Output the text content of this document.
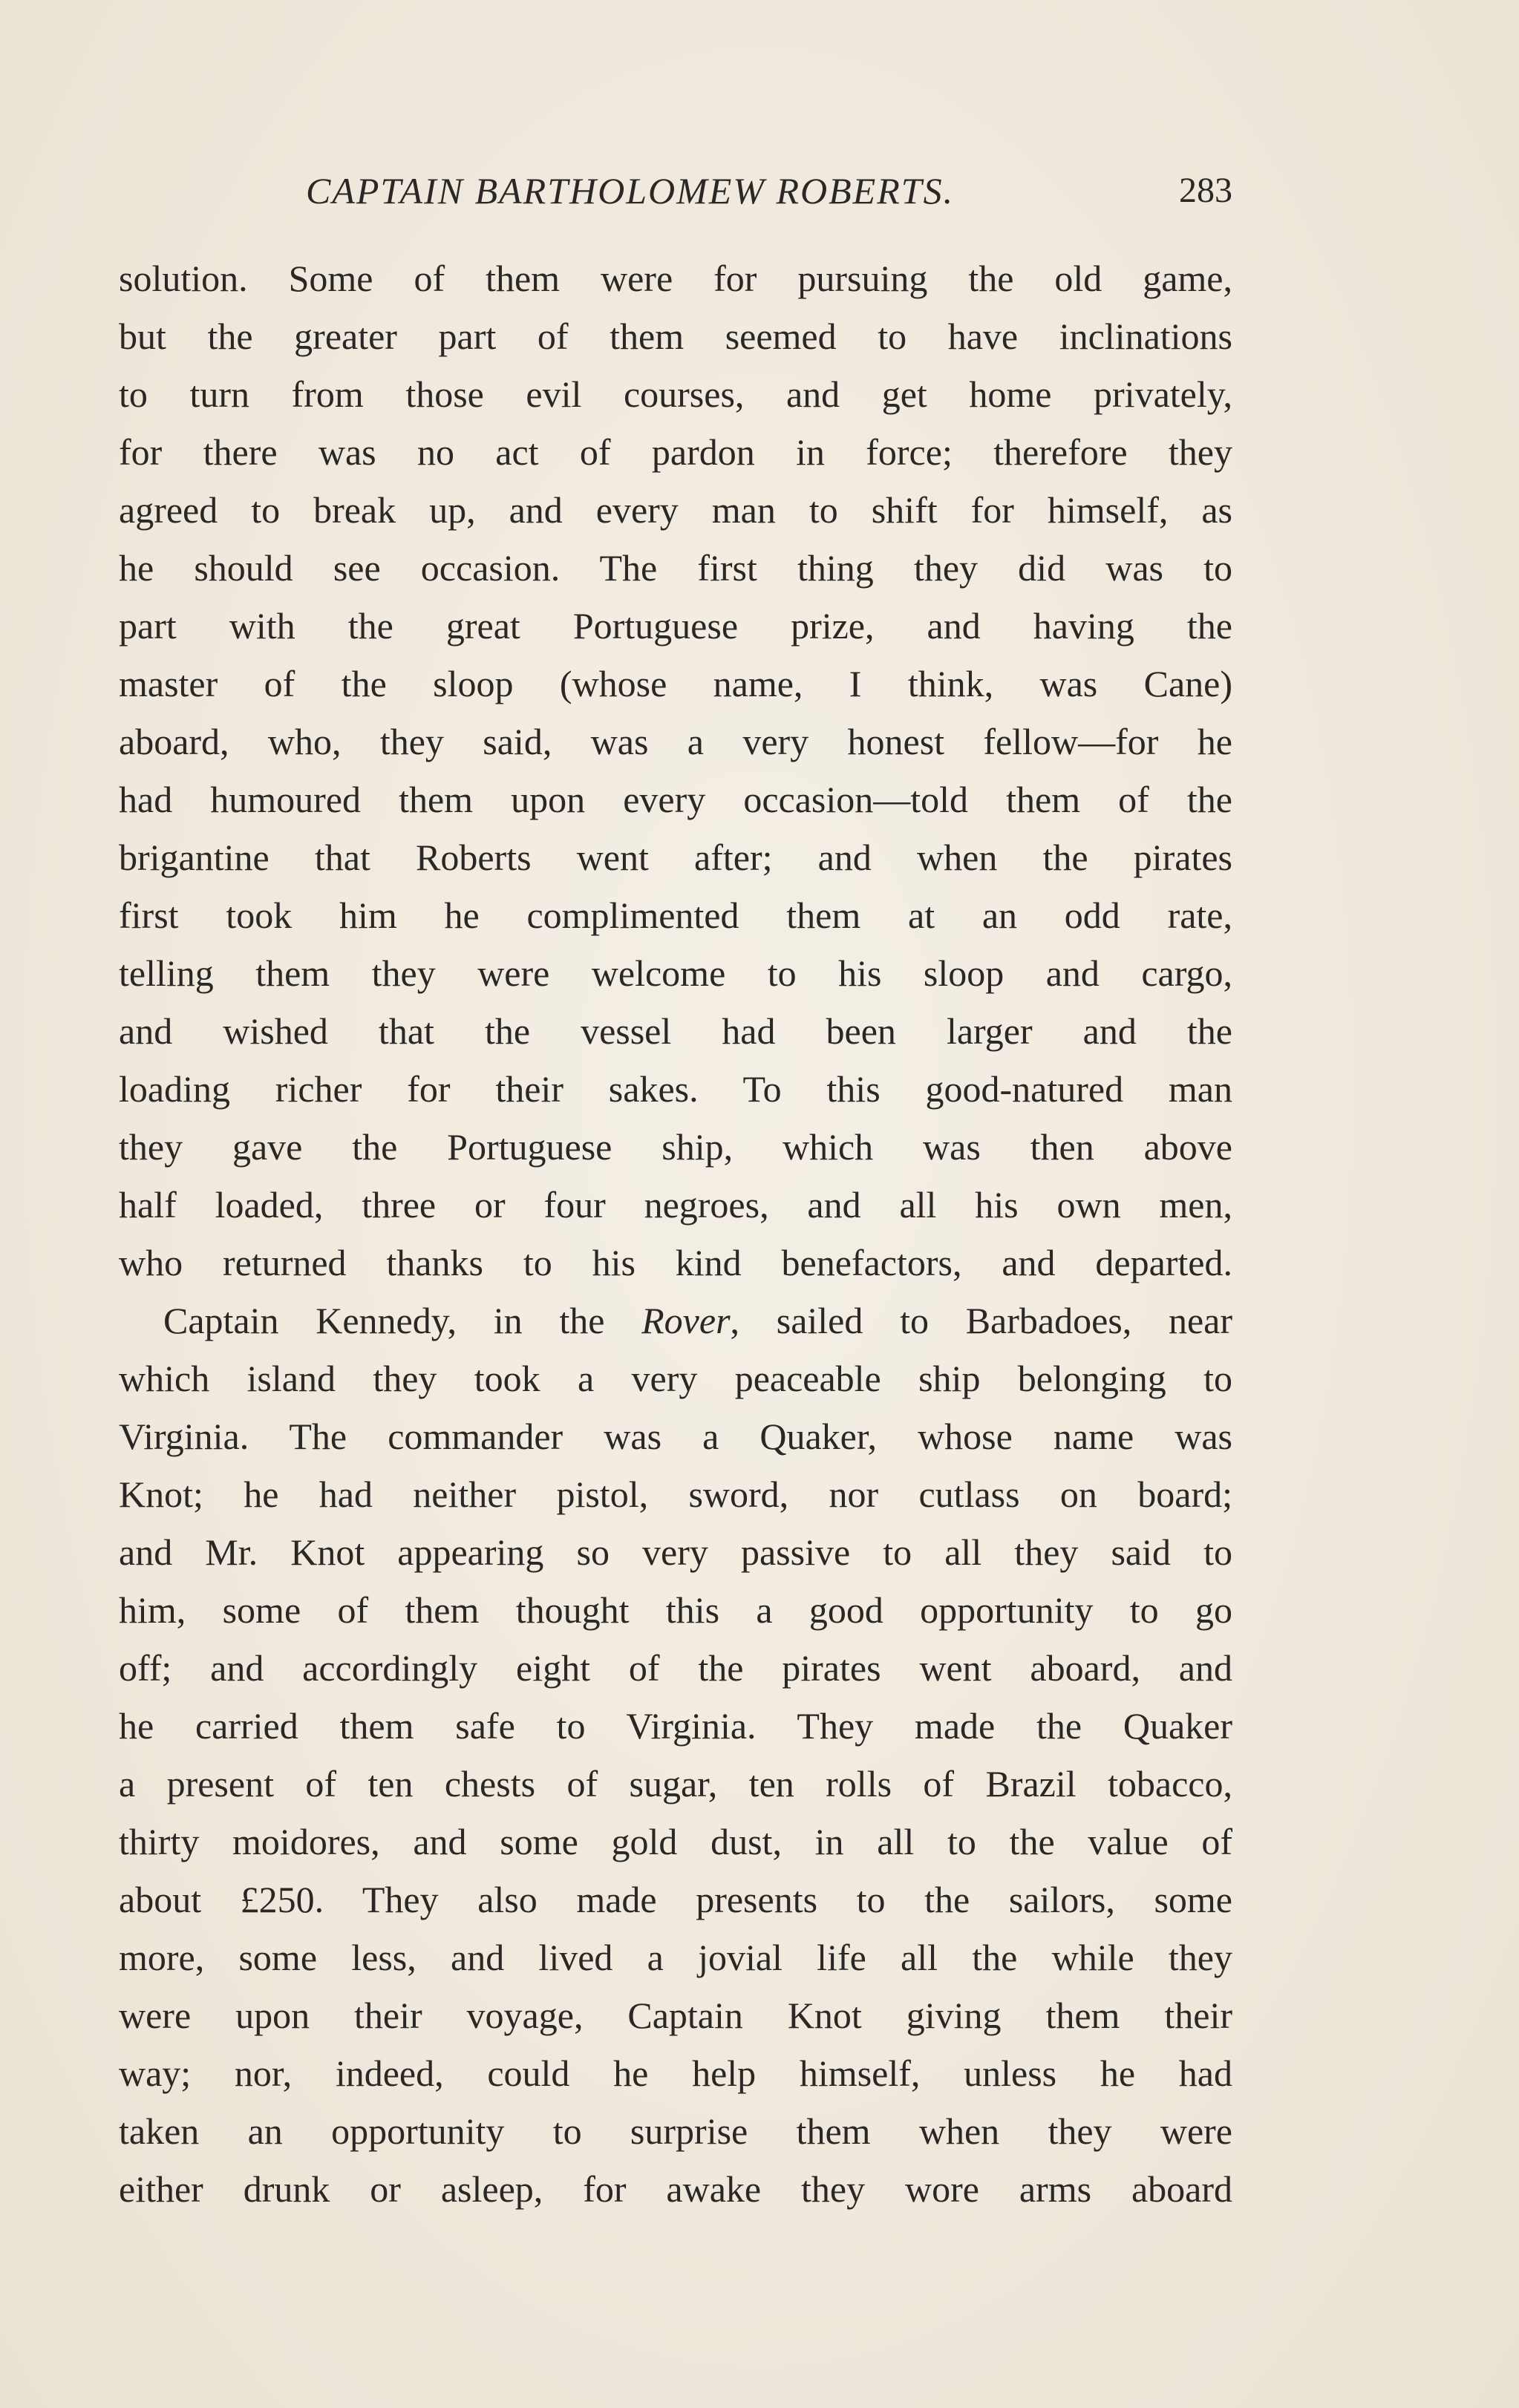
CAPTAIN BARTHOLOMEW ROBERTS.	283
solution. Some of them were for pursuing the old game,
but the greater part of them seemed to have inclinations
to turn from those evil courses, and get home privately,
for there was no act of pardon in force; therefore they
agreed to break up, and every man to shift for himself, as
he should see occasion. The first thing they did was to
part with the great Portuguese prize, and having the
master of the sloop (whose name, I think, was Cane)
aboard, who, they said, was a very honest fellow—for he
had humoured them upon every occasion—told them of the
brigantine that Roberts went after; and when the pirates
first took him he complimented them at an odd rate,
telling them they were welcome to his sloop and cargo,
and wished that the vessel had been larger and the
loading richer for their sakes. To this good-natured man
they gave the Portuguese ship, which was then above
half loaded, three or four negroes, and all his own men,
who returned thanks to his kind benefactors, and departed.
Captain Kennedy, in the Rover, sailed to Barbadoes, near
which island they took a very peaceable ship belonging to
Virginia. The commander was a Quaker, whose name was
Knot; he had neither pistol, sword, nor cutlass on board;
and Mr. Knot appearing so very passive to all they said to
him, some of them thought this a good opportunity to go
off; and accordingly eight of the pirates went aboard, and
he carried them safe to Virginia. They made the Quaker
a present of ten chests of sugar, ten rolls of Brazil tobacco,
thirty moidores, and some gold dust, in all to the value of
about £250. They also made presents to the sailors, some
more, some less, and lived a jovial life all the while they
were upon their voyage, Captain Knot giving them their
way; nor, indeed, could he help himself, unless he had
taken an opportunity to surprise them when they were
either drunk or asleep, for awake they wore arms aboard
